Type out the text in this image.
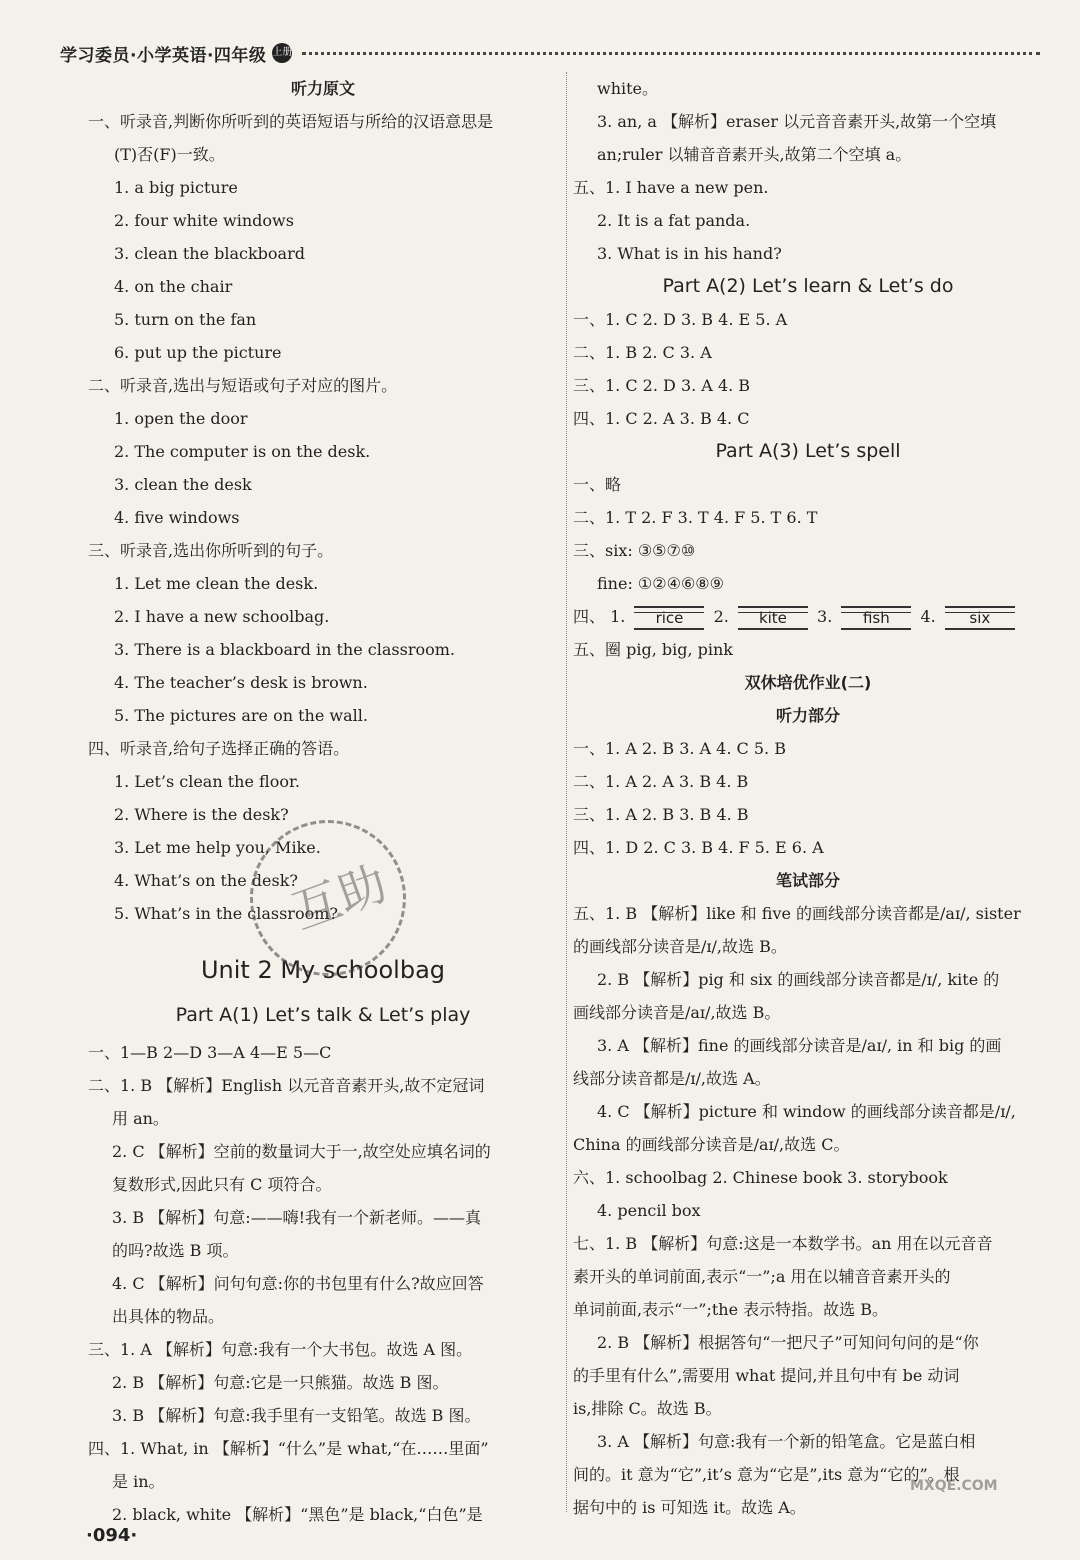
学习委员·小学英语·四年级 上册
听力原文
一、听录音,判断你所听到的英语短语与所给的汉语意思是
(T)否(F)一致。
1. a big picture
2. four white windows
3. clean the blackboard
4. on the chair
5. turn on the fan
6. put up the picture
二、听录音,选出与短语或句子对应的图片。
1. open the door
2. The computer is on the desk.
3. clean the desk
4. five windows
三、听录音,选出你所听到的句子。
1. Let me clean the desk.
2. I have a new schoolbag.
3. There is a blackboard in the classroom.
4. The teacher’s desk is brown.
5. The pictures are on the wall.
四、听录音,给句子选择正确的答语。
1. Let’s clean the floor.
2. Where is the desk?
3. Let me help you, Mike.
4. What’s on the desk?
5. What’s in the classroom?
Unit 2 My schoolbag
Part A(1) Let’s talk & Let’s play
一、1—B 2—D 3—A 4—E 5—C
二、1. B 【解析】English 以元音音素开头,故不定冠词
用 an。
2. C 【解析】空前的数量词大于一,故空处应填名词的
复数形式,因此只有 C 项符合。
3. B 【解析】句意:——嗨!我有一个新老师。——真
的吗?故选 B 项。
4. C 【解析】问句句意:你的书包里有什么?故应回答
出具体的物品。
三、1. A 【解析】句意:我有一个大书包。故选 A 图。
2. B 【解析】句意:它是一只熊猫。故选 B 图。
3. B 【解析】句意:我手里有一支铅笔。故选 B 图。
四、1. What, in 【解析】“什么”是 what,“在……里面”
是 in。
2. black, white 【解析】“黑色”是 black,“白色”是
white。
3. an, a 【解析】eraser 以元音音素开头,故第一个空填
an;ruler 以辅音音素开头,故第二个空填 a。
五、1. I have a new pen.
2. It is a fat panda.
3. What is in his hand?
Part A(2) Let’s learn & Let’s do
一、1. C 2. D 3. B 4. E 5. A
二、1. B 2. C 3. A
三、1. C 2. D 3. A 4. B
四、1. C 2. A 3. B 4. C
Part A(3) Let’s spell
一、略
二、1. T 2. F 3. T 4. F 5. T 6. T
三、six: ③⑤⑦⑩
fine: ①②④⑥⑧⑨
四、 1. rice 2. kite 3. fish 4. six
五、圈 pig, big, pink
双休培优作业(二)
听力部分
一、1. A 2. B 3. A 4. C 5. B
二、1. A 2. A 3. B 4. B
三、1. A 2. B 3. B 4. B
四、1. D 2. C 3. B 4. F 5. E 6. A
笔试部分
五、1. B 【解析】like 和 five 的画线部分读音都是/aɪ/, sister
的画线部分读音是/ɪ/,故选 B。
2. B 【解析】pig 和 six 的画线部分读音都是/ɪ/, kite 的
画线部分读音是/aɪ/,故选 B。
3. A 【解析】fine 的画线部分读音是/aɪ/, in 和 big 的画
线部分读音都是/ɪ/,故选 A。
4. C 【解析】picture 和 window 的画线部分读音都是/ɪ/,
China 的画线部分读音是/aɪ/,故选 C。
六、1. schoolbag 2. Chinese book 3. storybook
4. pencil box
七、1. B 【解析】句意:这是一本数学书。an 用在以元音音
素开头的单词前面,表示“一”;a 用在以辅音音素开头的
单词前面,表示“一”;the 表示特指。故选 B。
2. B 【解析】根据答句“一把尺子”可知问句问的是“你
的手里有什么”,需要用 what 提问,并且句中有 be 动词
is,排除 C。故选 B。
3. A 【解析】句意:我有一个新的铅笔盒。它是蓝白相
间的。it 意为“它”,it’s 意为“它是”,its 意为“它的”。根
据句中的 is 可知选 it。故选 A。
互助
MXQE.COM
·094·
